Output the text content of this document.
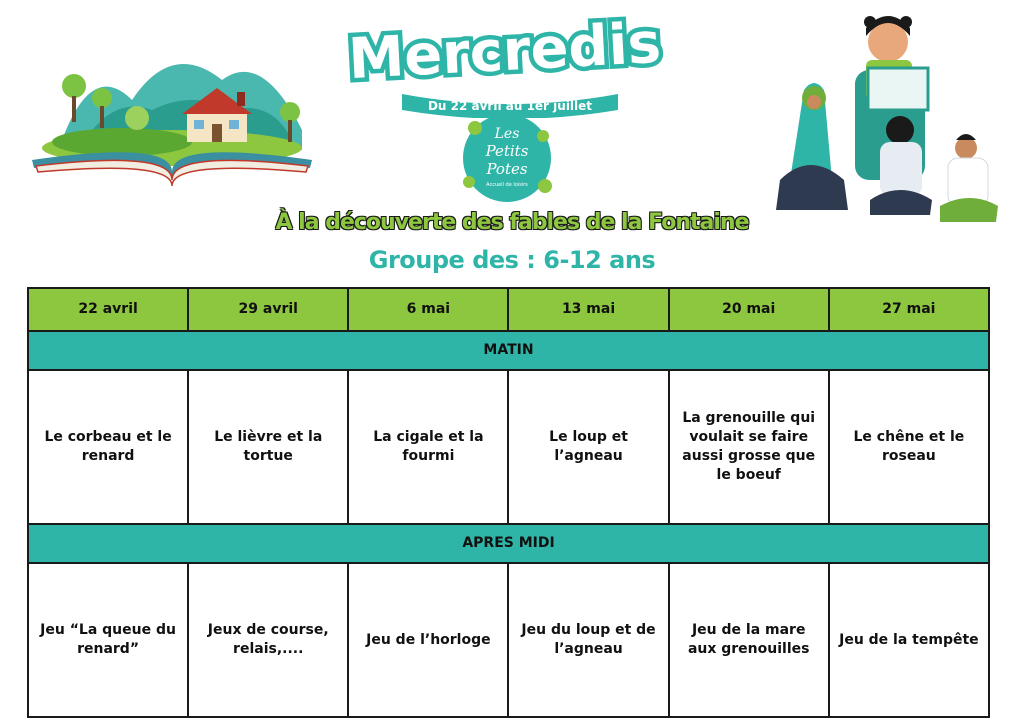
Mercredis
Du 22 avril au 1er juillet
Les
Petits
Potes
Accueil de loisirs
À la découverte des fables de la Fontaine
Groupe des : 6-12 ans
22 avril	29 avril	6 mai	13 mai	20 mai	27 mai
MATIN					
Le corbeau et le renard	Le lièvre et la tortue	La cigale et la fourmi	Le loup et l’agneau	La grenouille qui voulait se faire aussi grosse que le boeuf	Le chêne et le roseau
APRES MIDI					
Jeu “La queue du renard”	Jeux de course, relais,....	Jeu de l’horloge	Jeu du loup et de l’agneau	Jeu de la mare aux grenouilles	Jeu de la tempête
